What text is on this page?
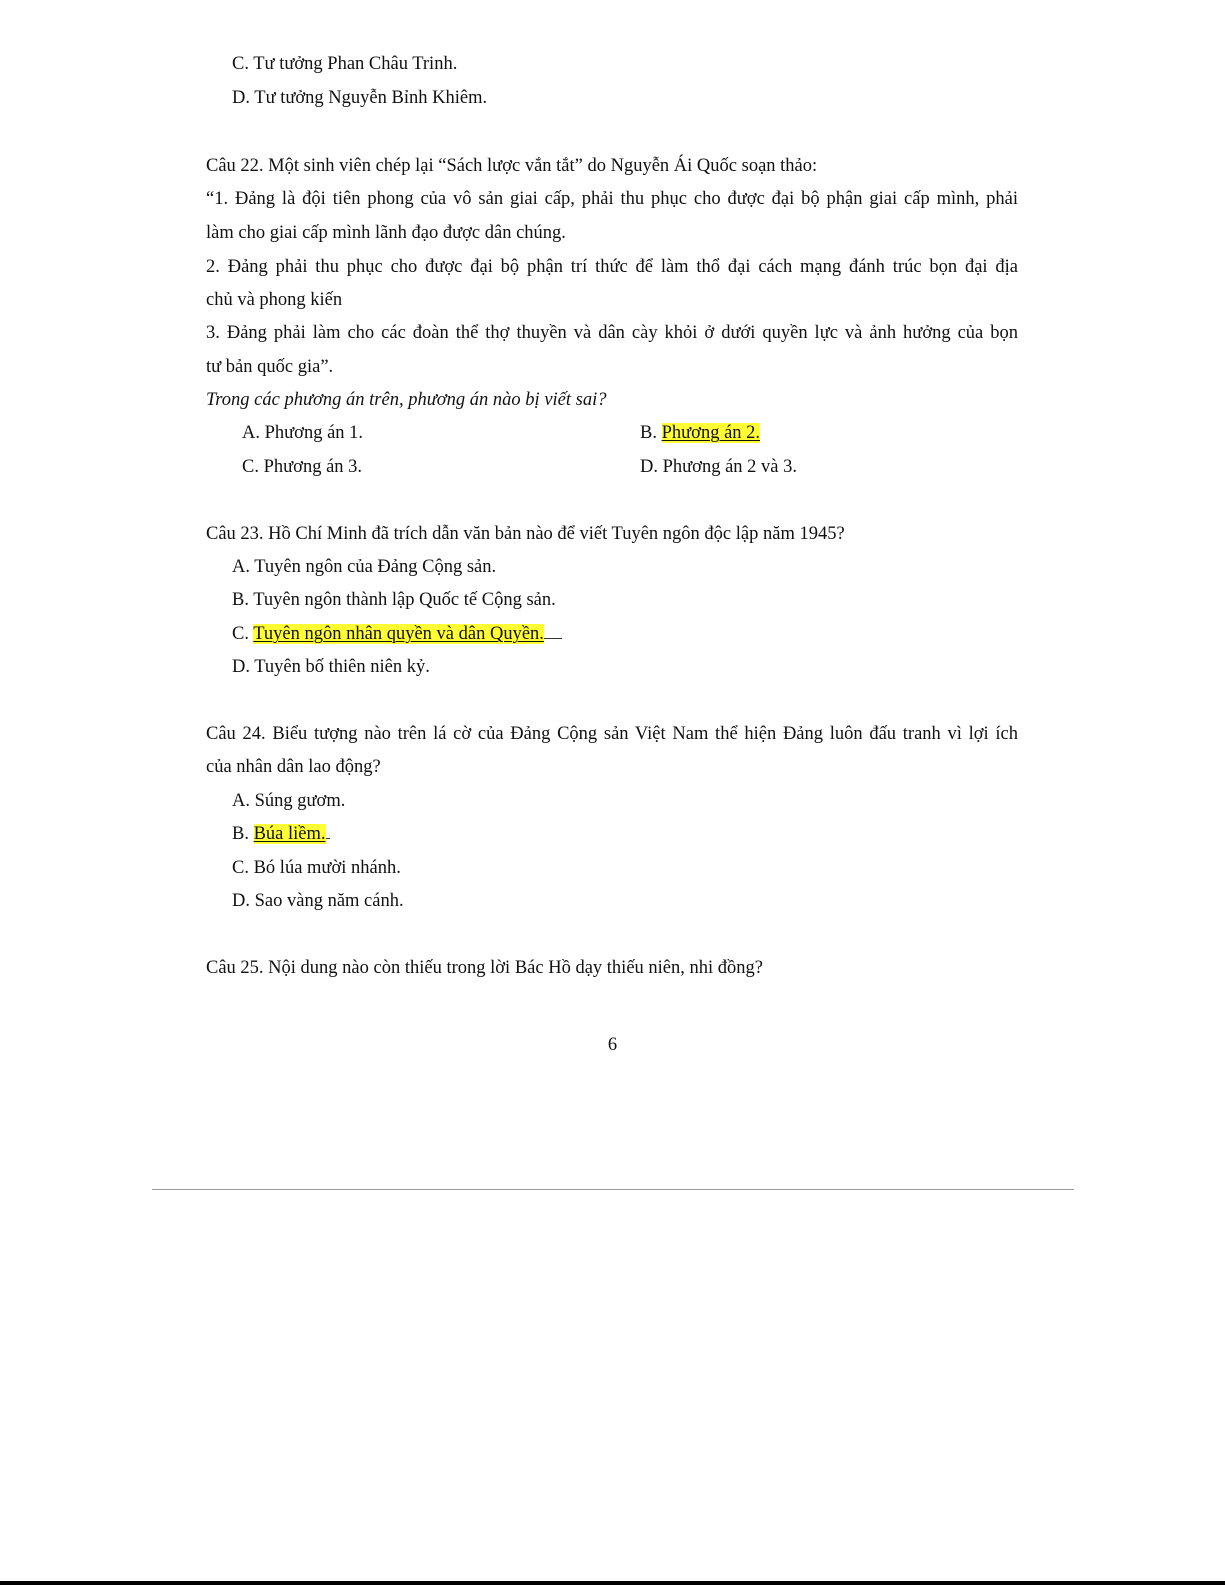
C. Tư tưởng Phan Châu Trinh.
D. Tư tưởng Nguyễn Bỉnh Khiêm.
Câu 22. Một sinh viên chép lại “Sách lược vắn tắt” do Nguyễn Ái Quốc soạn thảo:
“1. Đảng là đội tiên phong của vô sản giai cấp, phải thu phục cho được đại bộ phận giai cấp mình, phải
làm cho giai cấp mình lãnh đạo được dân chúng.
2. Đảng phải thu phục cho được đại bộ phận trí thức để làm thổ đại cách mạng đánh trúc bọn đại địa
chủ và phong kiến
3. Đảng phải làm cho các đoàn thể thợ thuyền và dân cày khỏi ở dưới quyền lực và ảnh hưởng của bọn
tư bản quốc gia”.
Trong các phương án trên, phương án nào bị viết sai?
A. Phương án 1.	B. Phương án 2.
C. Phương án 3.	D. Phương án 2 và 3.
Câu 23. Hồ Chí Minh đã trích dẫn văn bản nào để viết Tuyên ngôn độc lập năm 1945?
A. Tuyên ngôn của Đảng Cộng sản.
B. Tuyên ngôn thành lập Quốc tế Cộng sản.
C. Tuyên ngôn nhân quyền và dân Quyền.
D. Tuyên bố thiên niên kỷ.
Câu 24. Biểu tượng nào trên lá cờ của Đảng Cộng sản Việt Nam thể hiện Đảng luôn đấu tranh vì lợi ích
của nhân dân lao động?
A. Súng gươm.
B. Búa liềm.
C. Bó lúa mười nhánh.
D. Sao vàng năm cánh.
Câu 25. Nội dung nào còn thiếu trong lời Bác Hồ dạy thiếu niên, nhi đồng?
6
